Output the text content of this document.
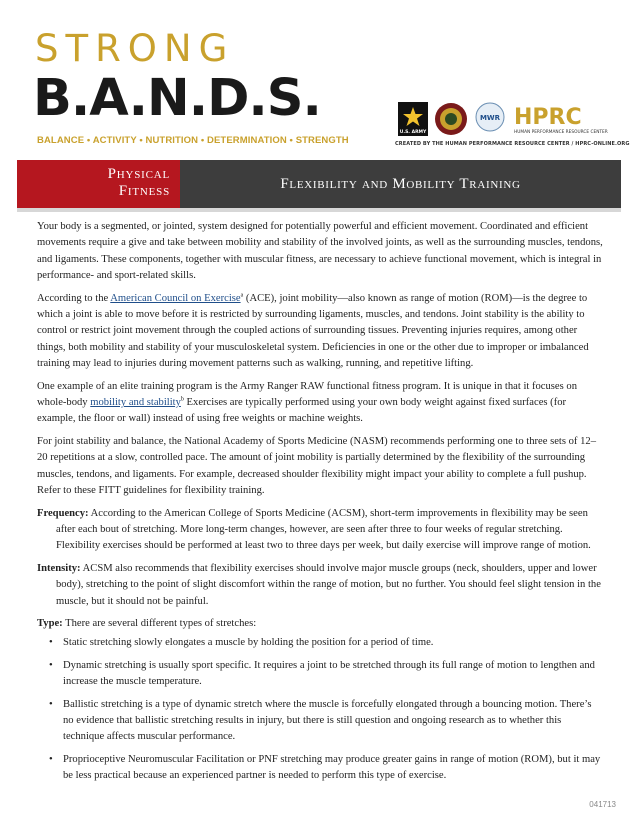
STRONG
B.A.N.D.S.
BALANCE • ACTIVITY • NUTRITION • DETERMINATION • STRENGTH
U.S. ARMY
MWR HPRC
HUMAN PERFORMANCE RESOURCE CENTER
CREATED BY THE HUMAN PERFORMANCE RESOURCE CENTER / HPRC-ONLINE.ORG
Physical
Fitness	Flexibility and Mobility Training

Your body is a segmented, or jointed, system designed for potentially powerful and efficient movement. Coordinated and efficient movements require a give and take between mobility and stability of the involved joints, as well as the surrounding muscles, tendons, and ligaments. These components, together with muscular fitness, are necessary to achieve functional movement, which is integral in performance- and sport-related skills.

According to the American Council on Exercise$^a$ (ACE), joint mobility—also known as range of motion (ROM)—is the degree to which a joint is able to move before it is restricted by surrounding ligaments, muscles, and tendons. Joint stability is the ability to control or restrict joint movement through the coupled actions of surrounding tissues. Preventing injuries requires, among other things, both mobility and stability of your musculoskeletal system. Deficiencies in one or the other due to improper or imbalanced training may lead to injuries during movement patterns such as walking, running, and repetitive lifting.

One example of an elite training program is the Army Ranger RAW functional fitness program. It is unique in that it focuses on whole-body mobility and stability$^b$ Exercises are typically performed using your own body weight against fixed surfaces (for example, the floor or wall) instead of using free weights or machine weights.

For joint stability and balance, the National Academy of Sports Medicine (NASM) recommends performing one to three sets of 12–20 repetitions at a slow, controlled pace. The amount of joint mobility is partially determined by the flexibility of the surrounding muscles, tendons, and ligaments. For example, decreased shoulder flexibility might impact your ability to complete a full pushup. Refer to these FITT guidelines for flexibility training.

Frequency: According to the American College of Sports Medicine (ACSM), short-term improvements in flexibility may be seen after each bout of stretching. More long-term changes, however, are seen after three to four weeks of regular stretching. Flexibility exercises should be performed at least two to three days per week, but daily exercise will improve range of motion.

Intensity: ACSM also recommends that flexibility exercises should involve major muscle groups (neck, shoulders, upper and lower body), stretching to the point of slight discomfort within the range of motion, but no further. You should feel slight tension in the muscle, but it should not be painful.

Type: There are several different types of stretches:

• Static stretching slowly elongates a muscle by holding the position for a period of time.
• Dynamic stretching is usually sport specific. It requires a joint to be stretched through its full range of motion to lengthen and increase the muscle temperature.
• Ballistic stretching is a type of dynamic stretch where the muscle is forcefully elongated through a bouncing motion. There’s no evidence that ballistic stretching results in injury, but there is still question and ongoing research as to whether this technique affects muscular performance.
• Proprioceptive Neuromuscular Facilitation or PNF stretching may produce greater gains in range of motion (ROM), but it may be less practical because an experienced partner is needed to perform this type of exercise.
041713
